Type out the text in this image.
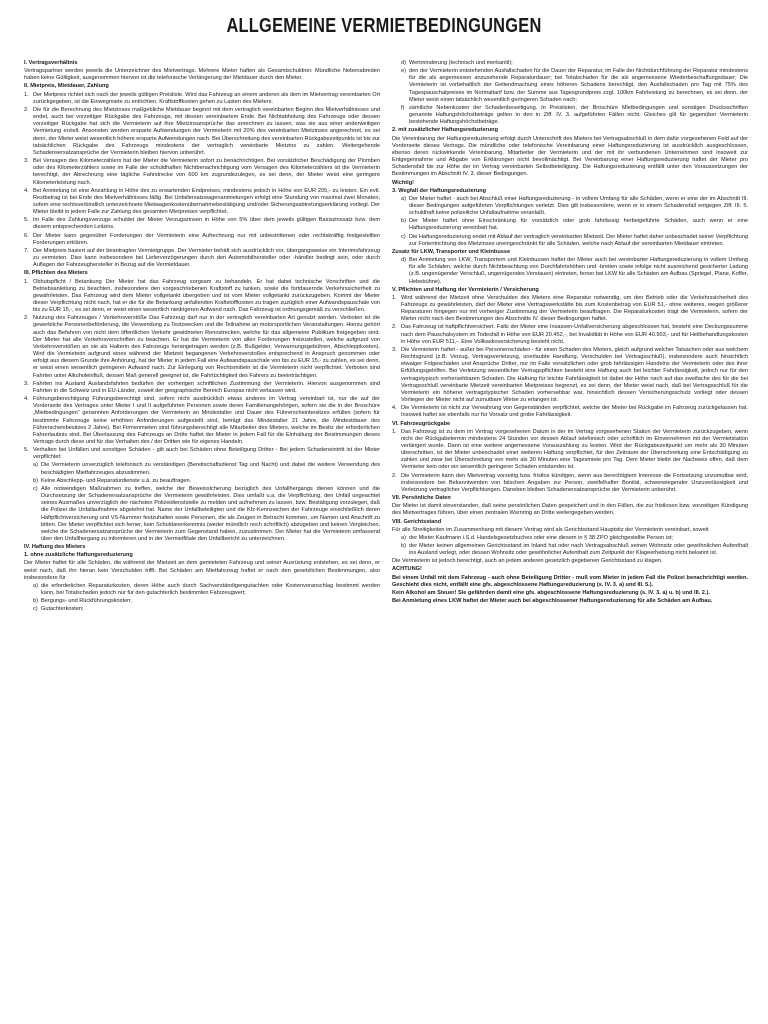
ALLGEMEINE VERMIETBEDINGUNGEN
I. Vertragsverhältnis
Vertragspartner werden jeweils die Unterzeichner des Mietvertrags. Mehrere Mieter haften als Gesamtschuldner. Mündliche Nebenabreden haben keine Gültigkeit, ausgenommen hiervon ist die telefonische Verlängerung der Mietdauer durch den Mieter.
II. Mietpreis, Mietdauer, Zahlung
1. Der Mietpreis richtet sich nach der jeweils gültigen Preisliste. Wird das Fahrzeug an einem anderen als dem im Mietvertrag vereinbarten Ort zurückgegeben, ist die Einwegmiete zu entrichten. Kraftstoffkosten gehen zu Lasten des Mieters.
2. Die für die Berechnung des Mietzinses maßgebliche Mietdauer beginnt mit dem vertraglich vereinbarten Beginn des Mietverhältnisses und endet, auch bei vorzeitiger Rückgabe des Fahrzeugs, mit dessen vereinbartem Ende. Bei Nichtabholung des Fahrzeugs oder dessen vorzeitiger Rückgabe hat sich die Vermieterin auf ihre Mietzinsansprüche das anrechnen zu lassen, was sie aus einer anderweitigen Vermietung erzielt. Ansonsten werden ersparte Aufwendungen der Vermieterin mit 20% des vereinbarten Mietzinses angerechnet, es sei denn, der Mieter weist wesentlich höhere ersparte Aufwendungen nach. Bei Überschreitung des vereinbarten Rückgabezeitpunkts ist bis zur tatsächlichen Rückgabe des Fahrzeugs mindestens der vertraglich vereinbarte Mietzins zu zahlen. Weitergehende Schadensersatzansprüche der Vermieterin bleiben hiervon unberührt.
3. Bei Versagen des Kilometerzählers hat der Mieter die Vermieterin sofort zu benachrichtigen. Bei vorsätzlicher Beschädigung der Plomben oder des Kilometerzählers sowie im Falle der schuldhaften Nichtbenachrichtigung vom Versagen des Kilometerzählers ist die Vermieterin berechtigt, der Abrechnung eine tägliche Fahrstrecke von 600 km zugrundezulegen, es sei denn, der Mieter weist eine geringere Kilometerleistung nach.
4. Bei Anmietung ist eine Anzahlung in Höhe des zu erwartenden Endpreises, mindestens jedoch in Höhe von EUR 205,- zu leisten. Ein evtl. Restbetrag ist bei Ende des Mietverhältnisses fällig. Bei Unfallersatzwagenanmietungen erfolgt eine Stundung von maximal zwei Monaten, sofern eine rechtsverbindlich unterzeichnete Mietwagenkostenübernahmebestätigung und/oder Sicherungsabtretungserklärung vorliegt. Der Mieter bleibt in jedem Falle zur Zahlung des gesamten Mietpreises verpflichtet.
5. Im Falle des Zahlungsverzugs schuldet der Mieter Verzugszinsen in Höhe von 5% über dem jeweils gültigen Basiszinssatz bzw. dem diesem entsprechenden Leitzins.
6. Der Mieter kann gegenüber Forderungen der Vermieterin eine Aufrechnung nur mit unbestrittenen oder rechtskräftig festgestellten Forderungen erklären.
7. Der Mietpreis basiert auf der beantragten Vermietgruppe. Der Vermieter behält sich ausdrücklich vor, übergangsweise ein Interimsfahrzeug zu vermieten. Dies kann insbesondere bei Lieferverzögerungen durch den Automobilhersteller oder -händler bedingt sein, oder durch Auflagen der Fahrzeughersteller in Bezug auf die Vermietdauer.
III. Pflichten des Mieters
1. Obhutspflicht / Betankung Der Mieter hat das Fahrzeug sorgsam zu behandeln. Er hat dabei technische Vorschriften und die Betriebsanleitung zu beachten, insbesondere den vorgeschriebenen Kraftstoff zu tanken, sowie die fortdauernde Verkehrssicherheit zu gewährleisten. Das Fahrzeug wird dem Mieter vollgetankt übergeben und ist vom Mieter vollgetankt zurückzugeben. Kommt der Mieter dieser Verpflichtung nicht nach, hat er die für die Betankung anfallenden Kraftstoffkosten zu tragen zuzüglich einer Aufwandspauschale von bis zu EUR 15,-, es sei denn, er weist einen wesentlich niedrigeren Aufwand nach. Das Fahrzeug ist ordnungsgemäß zu verschließen.
2. Nutzung des Fahrzeuges / Verkehrsverstöße Das Fahrzeug darf nur in der vertraglich vereinbarten Art genutzt werden. Verboten ist die gewerbliche Personenbeförderung, die Verwendung zu Testzwecken und die Teilnahme an motorsportlichen Veranstaltungen. Hierzu gehört auch das Befahren von nicht dem öffentlichen Verkehr gewidmeten Rennstrecken, welche für das allgemeine Publikum freigegeben sind. Der Mieter hat alle Verkehrsvorschriften zu beachten. Er hat die Vermieterin von allen Forderungen freizustellen, welche aufgrund von Verkehrsverstößen an sie als Halterin des Fahrzeugs herangetragen werden (z.B. Bußgelder, Verwarnungsgebühren, Abschleppkosten). Wird die Vermieterin aufgrund eines während der Mietzeit begangenen Verkehrsverstoßes entsprechend in Anspruch genommen oder erfolgt aus diesem Grunde ihre Anhörung, hat der Mieter in jedem Fall eine Aufwandspauschale von bis zu EUR 15,- zu zahlen, es sei denn, er weist einen wesentlich geringeren Aufwand nach. Zur Einlegung von Rechtsmitteln ist die Vermieterin nicht verpflichtet. Verboten sind Fahrten unter Alkoholeinfluß, dessen Maß generell geeignet ist, die Fahrtüchtigkeit des Fahrers zu beeinträchtigen.
3. Fahrten ins Ausland Auslandsfahrten bedürfen der vorherigen schriftlichen Zustimmung der Vermieterin. Hiervon ausgenommen sind Fahrten in die Schweiz und in EU-Länder, soweit der geographische Bereich Europas nicht verlassen wird.
4. Führungsberechtigung Führungsberechtigt sind, sofern nicht ausdrücklich etwas anderes im Vertrag vereinbart ist, nur die auf der Vorderseite des Vertrages unter Mieter I und II aufgeführten Personen sowie deren Familienangehörigen, sofern sie die in der Broschüre „Mietbedingungen“ genannten Anforderungen der Vermieterin an Mindestalter und Dauer des Führerscheinbesitzes erfüllen (sofern für bestimmte Fahrzeuge keine erhöhten Anforderungen aufgestellt sind, beträgt das Mindestalter 21 Jahre, die Mindestdauer des Führerscheinbesitzes 2 Jahre). Bei Firmenmieten sind führungsberechtigt alle Mitarbeiter des Mieters, welche im Besitz der erforderlichen Fahrerlaubnis sind. Bei Überlassung des Fahrzeugs an Dritte haftet der Mieter in jedem Fall für die Einhaltung der Bestimmungen dieses Vertrags durch diese und für das Verhalten des / der Dritten wie für eigenes Handeln.
5. Verhalten bei Unfällen und sonstigen Schäden - gilt auch bei Schäden ohne Beteiligung Dritter - Bei jedem Schadeneintritt ist der Mieter verpflichtet:
a) Die Vermieterin unverzüglich telefonisch zu verständigen (Bereitschaftsdienst Tag und Nacht) und dabei die weitere Verwendung des beschädigten Mietfahrzeuges abzustimmen.
b) Keine Abschlepp- und Reparaturdienste u.ä. zu beauftragen.
c) Alle notwendigen Maßnahmen zu treffen, welche der Beweissicherung bezüglich des Unfallhergangs dienen können und die Durchsetzung der Schadenersatzansprüche der Vermieterin gewährleisten. Dies umfaßt u.a. die Verpflichtung, den Unfall ungeachtet seines Ausmaßes unverzüglich der nächsten Polizeidienststelle zu melden und aufnehmen zu lassen, bzw. Bestätigung vorzulegen, daß die Polizei die Unfallaufnahme abgelehnt hat. Name der Unfallbeteiligten und die Kfz-Kennzeichen der Fahrzeuge einschließlich deren Haftpflichtversicherung und VS-Nummer festzuhalten sowie Personen, die als Zeugen in Betracht kommen, um Namen und Anschrift zu bitten. Der Mieter verpflichtet sich ferner, kein Schuldanerkenntnis (weder mündlich noch schriftlich) abzugeben und keinen Vergleichen, welche die Schadenersatzansprüche der Vermieterin zum Gegenstand haben, zuzustimmen. Der Mieter hat die Vermieterin umfassend über den Unfallhergang zu informieren und in der Vermietfiliale den Unfallbericht zu unterzeichnen.
IV. Haftung des Mieters
1. ohne zusätzliche Haftungsreduzierung
Der Mieter haftet für alle Schäden, die während der Mietzeit an dem gemieteten Fahrzeug und seiner Ausrüstung entstehen, es sei denn, er weist nach, daß ihn hieran kein Verschulden trifft. Bei Schäden am Mietfahrzeug haftet er nach den gesetzlichen Bestimmungen, also insbesondere für
a) die erforderlichen Reparaturkosten, deren Höhe auch durch Sachverständigengutachten oder Kostenvoranschlag bestimmt werden kann, bei Totalschaden jedoch nur für den gutachterlich bestimmten Fahrzeugwert;
b) Bergungs- und Rückführungskosten;
c) Gutachterkosten;
d) Wertminderung (technisch und merkantil);
e) den der Vermieterin entstehenden Ausfallschaden für die Dauer der Reparatur, im Falle der Nichtdurchführung der Reparatur mindestens für die als angemessen anzusehende Reparaturdauer; bei Totalschaden für die als angemessene Wiederbeschaffungsdauer; Die Vermieterin ist vorbehaltlich der Geltendmachung eines höheren Schadens berechtigt, den Ausfallschaden pro Tag mit 75% des Tagespauschalpreises im Normaltarif bzw. der Summe aus Tagesgrundpreis zzgl. 100km Fahrleistung zu berechnen, es sei denn, der Mieter weist einen tatsächlich wesentlich geringeren Schaden nach;
f) sämtliche Nebenkosten der Schadenbeseitigung. In Preislisten, der Broschüre Mietbedingungen und sonstigen Drucksschriften genannte Haftungshöchstbeträge gelten in den in Ziff. IV. 3. aufgeführten Fällen nicht. Gleiches gilt für gegenüber Vermieterin bestehende Haftungshöchstbeträge.
2. mit zusätzlicher Haftungsreduzierung
Die Vereinbarung der Haftungsreduzierung erfolgt durch Unterschrift des Mieters bei Vertragsabschluß in dem dafür vorgesehenen Feld auf der Vorderseite dieses Vertrags. Die mündliche oder telefonische Vereinbarung einer Haftungsreduzierung ist ausdrücklich ausgeschlossen, ebenso deren rückwirkende Vereinbarung. Mitarbeiter der Vermieterin und der mit ihr verbundenen Unternehmen sind insoweit zur Entgegennahme und Abgabe von Erklärungen nicht bevollmächtigt. Bei Vereinbarung einer Haftungsreduzierung haftet der Mieter pro Schadensfall bis zur Höhe der im Vertrag vereinbarten Selbstbeteiligung. Die Haftungsreduzierung entfällt unter den Voraussetzungen der Bestimmungen im Abschnitt IV. 3. dieser Bedingungen.
Wichtig!
3. Wegfall der Haftungsreduzierung
a) Der Mieter haftet - auch bei Abschluß einer Haftungsreduzierung - in vollem Umfang für alle Schäden, wenn er eine der im Abschnitt III. dieser Bedingungen aufgeführten Verpflichtungen verletzt. Dies gilt insbesondere, wenn er in einem Schadensfall entgegen Ziff. III. 5. schuldhaft keine polizeiliche Unfallaufnahme veranlaßt.
b) Der Mieter haftet ohne Einschränkung für vorsätzlich oder grob fahrlässig herbeigeführte Schäden, auch wenn er eine Haftungsreduzierung vereinbart hat.
c) Die Haftungsreduzierung endet mit Ablauf der vertraglich vereinbarten Mietzeit. Der Mieter haftet daher unbeschadet seiner Verpflichtung zur Fortentrichtung des Mietzinses uneingeschränkt für alle Schäden, welche nach Ablauf der vereinbarten Mietdauer eintreten.
Zusatz für LKW, Transporter und Kleinbusse
d) Bei Anmietung von LKW, Transportern und Kleinbussen haftet der Mieter auch bei vereinbarter Haftungsreduzierung in vollem Umfang für alle Schäden, welche durch Nichtbeachtung von Durchfahrtshöhen und -breiten sowie infolge nicht ausreichend gesicherter Ladung (z.B. ungenügender Verschluß, ungenügendes Verstauen) eintreten, ferner bei LKW für alle Schäden am Aufbau (Spriegel, Plane, Koffer, Hebebühne).
V. Pflichten und Haftung der Vermieterin / Versicherung
1. Wird während der Mietzeit ohne Verschulden des Mieters eine Reparatur notwendig, um den Betrieb oder die Verkehrssicherheit des Fahrzeugs zu gewährleisten, darf der Mieter eine Vertragswerkstätte bis zum Kostenbetrag von EUR 51,- ohne weiteres, wegen größerer Reparaturen hingegen nur mit vorheriger Zustimmung der Vermieterin beauftragen. Die Reparaturkosten trägt die Vermieterin, sofern der Mieter nicht nach den Bestimmungen des Abschnitts IV. dieser Bedingungen haftet.
2. Das Fahrzeug ist haftpflichtversichert. Falls der Mieter eine Insassen-Unfallversicherung abgeschlossen hat, besteht eine Deckungssumme nach dem Pauschalsystem im Todesfall in Höhe von EUR 20.452,-, bei Invalidität in Höhe von EUR 40.903,- und für Heilbehandlungskosten in Höhe von EUR 511,-. Eine Vollkaskoversicherung besteht nicht.
3. Die Vermieterin haftet - außer bei Personenschäden - für einen Schaden des Mieters, gleich aufgrund welcher Tatsachen oder aus welchem Rechtsgrund (z.B. Verzug, Vertragsverletzung, unerlaubte Handlung, Verschulden bei Vertragsschluß), insbesondere auch hinsichtlich etwaiger Folgeschäden und Ansprüche Dritter, nur im Falle vorsätzlichen oder grob fahrlässigen Handelns der Vermieterin oder des ihrer Erfüllungsgehilfen. Bei Verletzung wesentlicher Vertragspflichten besteht eine Haftung auch bei leichter Fahrlässigkeit, jedoch nur für den vertragstypisch vorhersehbaren Schaden. Die Haftung für leichte Fahrlässigkeit ist dabei der Höhe nach auf das zweifache des für die bei Vertragsschluß vereinbarte Mietzeit vereinbarten Mietpreises begrenzt, es sei denn, der Mieter weist nach, daß bei Vertragsschluß für die Vermieterin ein höherer vertragstypischer Schaden vorhersehbar war, hinsichtlich dessen Versicherungsschutz vorliegt oder dessen Vorliegen der Mieter nicht auf zumutbare Weise zu erlangen ist.
4. Die Vermieterin ist nicht zur Verwahrung von Gegenständen verpflichtet, welche der Mieter bei Rückgabe im Fahrzeug zurückgelassen hat. Insoweit haftet sie ebenfalls nur für Vorsatz und grobe Fahrlässigkeit.
VI. Fahrzeugrückgabe
1. Das Fahrzeug ist zu dem im Vertrag vorgesehenen Datum in der im Vertrag vorgesehenen Station der Vermieterin zurückzugeben, wenn nicht der Rückgabetermin mindestens 24 Stunden vor dessen Ablauf telefonisch oder schriftlich im Einvernehmen mit der Vermietstation verlängert wurde. Dann ist eine weitere angemessene Vorauszahlung zu leisten. Wird der Rückgabezeitpunkt um mehr als 30 Minuten überschritten, ist der Mieter unbeschadet einer weiteren Haftung verpflichtet, für den Zeitraum der Überschreitung eine Entschädigung zu zahlen und zwar bei Überschreitung von mehr als 30 Minuten eine Tagesmiete pro Tag. Dem Mieter bleibt der Nachweis offen, daß dem Vermieter kein oder ein wesentlich geringerer Schaden entstanden ist.
2. Die Vermieterin kann den Mietvertrag vorzeitig bzw. fristlos kündigen, wenn aus berechtigtem Interesse die Fortsetzung unzumutbar wird, insbesondere bei Bekanntwerden von falschen Angaben zur Person, zweifelhafter Bonität, schwerwiegender Unzuverlässigkeit und Verletzung vertraglicher Verpflichtungen. Daneben bleiben Schadenersatzansprüche der Vermieterin unberührt.
VII. Persönliche Daten
Der Mieter ist damit einverstanden, daß seine persönlichen Daten gespeichert und in den Fällen, die zur fristlosen bzw. vorzeitigen Kündigung des Mietvertrages führen, über einen zentralen Warnring an Dritte weitergegeben werden.
VIII. Gerichtsstand
Für alle Streitigkeiten im Zusammenhang mit diesem Vertrag wird als Gerichtsstand Hauptsitz der Vermieterin vereinbart, soweit
a) der Mieter Kaufmann i.S.d. Handelsgesetzbuches oder eine diesem in § 38 ZPO gleichgestellte Person ist;
b) der Mieter keinen allgemeinen Gerichtsstand im Inland hat oder nach Vertragsabschluß seinen Wohnsitz oder gewöhnlichen Aufenthalt ins Ausland verlegt, oder dessen Wohnsitz oder gewöhnlicher Aufenthalt zum Zeitpunkt der Klageerhebung nicht bekannt ist.
Die Vermieterin ist jedoch berechtigt, auch an jedem anderen gesetzlich gegebenen Gerichtsstand zu klagen.
ACHTUNG!
Bei einem Unfall mit dem Fahrzeug - auch ohne Beteiligung Dritter - muß vom Mieter in jedem Fall die Polizei benachrichtigt werden. Geschieht dies nicht, entfällt eine gfs. abgeschlossene Haftungsreduzierung (s. IV. 3. a) und III. 5.).
Kein Alkohol am Steuer! Sie gefährden damit eine gfs. abgeschlossene Haftungsreduzierung (s. IV. 3. a) u. b) und III. 2.).
Bei Anmietung eines LKW haftet der Mieter auch bei abgeschlossener Haftungsreduzierung für alle Schäden am Aufbau.
